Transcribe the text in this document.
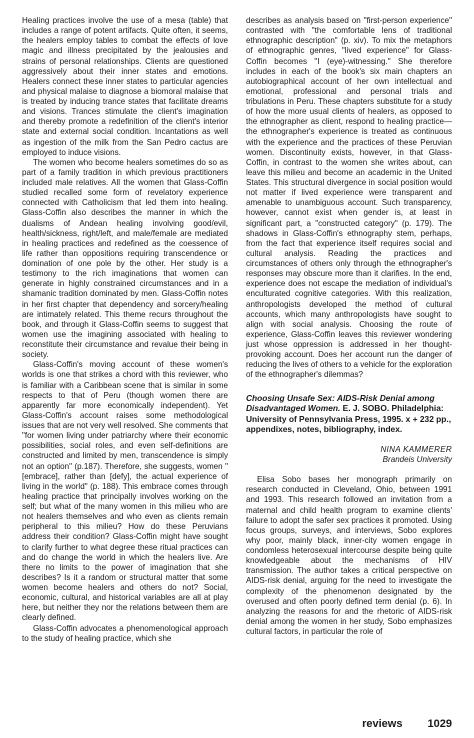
Healing practices involve the use of a mesa (table) that includes a range of potent artifacts. Quite often, it seems, the healers employ tables to combat the effects of love magic and illness precipitated by the jealousies and strains of personal relationships. Clients are questioned aggressively about their inner states and emotions. Healers connect these inner states to particular agencies and physical malaise to diagnose a biomoral malaise that is treated by inducing trance states that facilitate dreams and visions. Trances stimulate the client's imagination and thereby promote a redefinition of the client's interior state and external social condition. Incantations as well as ingestion of the milk from the San Pedro cactus are employed to induce visions.

The women who become healers sometimes do so as part of a family tradition in which previous practitioners included male relatives. All the women that Glass-Coffin studied recalled some form of revelatory experience connected with Catholicism that led them into healing. Glass-Coffin also describes the manner in which the dualisms of Andean healing involving good/evil, health/sickness, right/left, and male/female are mediated in healing practices and redefined as the coessence of life rather than oppositions requiring transcendence or domination of one pole by the other. Her study is a testimony to the rich imaginations that women can generate in highly constrained circumstances and in a shamanic tradition dominated by men. Glass-Coffin notes in her first chapter that dependency and sorcery/healing are intimately related. This theme recurs throughout the book, and through it Glass-Coffin seems to suggest that women use the imagining associated with healing to reconstitute their circumstance and revalue their being in society.

Glass-Coffin's moving account of these women's worlds is one that strikes a chord with this reviewer, who is familiar with a Caribbean scene that is similar in some respects to that of Peru (though women there are apparently far more economically independent). Yet Glass-Coffin's account raises some methodological issues that are not very well resolved. She comments that "for women living under patriarchy where their economic possibilities, social roles, and even self-definitions are constructed and limited by men, transcendence is simply not an option" (p.187). Therefore, she suggests, women "[embrace], rather than [defy], the actual experience of living in the world" (p. 188). This embrace comes through healing practice that principally involves working on the self; but what of the many women in this milieu who are not healers themselves and who even as clients remain peripheral to this milieu? How do these Peruvians address their condition? Glass-Coffin might have sought to clarify further to what degree these ritual practices can and do change the world in which the healers live. Are there no limits to the power of imagination that she describes? Is it a random or structural matter that some women become healers and others do not? Social, economic, cultural, and historical variables are all at play here, but neither they nor the relations between them are clearly defined.

Glass-Coffin advocates a phenomenological approach to the study of healing practice, which she

describes as analysis based on "first-person experience" contrasted with "the comfortable lens of traditional ethnographic description" (p. xiv). To mix the metaphors of ethnographic genres, "lived experience" for Glass-Coffin becomes "I (eye)-witnessing." She therefore includes in each of the book's six main chapters an autobiographical account of her own intellectual and emotional, professional and personal trials and tribulations in Peru. These chapters substitute for a study of how the more usual clients of healers, as opposed to the ethnographer as client, respond to healing practice—the ethnographer's experience is treated as continuous with the experience and the practices of these Peruvian women. Discontinuity exists, however, in that Glass-Coffin, in contrast to the women she writes about, can leave this milieu and become an academic in the United States. This structural divergence in social position would not matter if lived experience were transparent and amenable to unambiguous account. Such transparency, however, cannot exist when gender is, at least in significant part, a "constructed category" (p. 179). The shadows in Glass-Coffin's ethnography stem, perhaps, from the fact that experience itself requires social and cultural analysis. Reading the practices and circumstances of others only through the ethnographer's responses may obscure more than it clarifies. In the end, experience does not escape the mediation of individual's enculturated cognitive categories. With this realization, anthropologists developed the method of cultural accounts, which many anthropologists have sought to align with social analysis. Choosing the route of experience, Glass-Coffin leaves this reviewer wondering just whose oppression is addressed in her thought-provoking account. Does her account run the danger of reducing the lives of others to a vehicle for the exploration of the ethnographer's dilemmas?

Choosing Unsafe Sex: AIDS-Risk Denial among Disadvantaged Women. E. J. SOBO. Philadelphia: University of Pennsylvania Press, 1995. x + 232 pp., appendixes, notes, bibliography, index.
NINA KAMMERER
Brandeis University

Elisa Sobo bases her monograph primarily on research conducted in Cleveland, Ohio, between 1991 and 1993. This research followed an invitation from a maternal and child health program to examine clients' failure to adopt the safer sex practices it promoted. Using focus groups, surveys, and interviews, Sobo explores why poor, mainly black, inner-city women engage in condomless heterosexual intercourse despite being quite knowledgeable about the mechanisms of HIV transmission. The author takes a critical perspective on AIDS-risk denial, arguing for the need to investigate the complexity of the phenomenon designated by the overused and often poorly defined term denial (p. 6). In analyzing the reasons for and the rhetoric of AIDS-risk denial among the women in her study, Sobo emphasizes cultural factors, in particular the role of

reviews 1029
